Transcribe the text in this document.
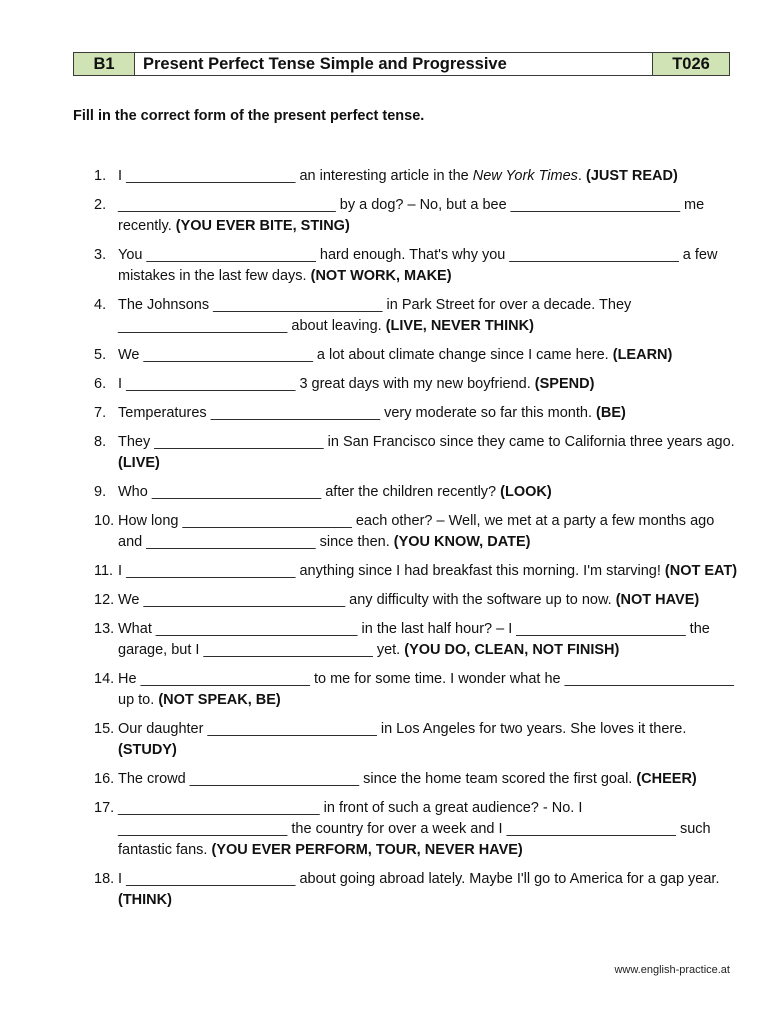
B1	Present Perfect Tense Simple and Progressive	T026
Fill in the correct form of the present perfect tense.
1. I _____________________ an interesting article in the New York Times. (JUST READ)
2. ___________________________ by a dog? – No, but a bee _____________________ me recently. (YOU EVER BITE, STING)
3. You _____________________ hard enough. That's why you _____________________ a few mistakes in the last few days. (NOT WORK, MAKE)
4. The Johnsons _____________________ in Park Street for over a decade. They _____________________ about leaving. (LIVE, NEVER THINK)
5. We _____________________ a lot about climate change since I came here. (LEARN)
6. I _____________________ 3 great days with my new boyfriend. (SPEND)
7. Temperatures _____________________ very moderate so far this month. (BE)
8. They _____________________ in San Francisco since they came to California three years ago. (LIVE)
9. Who _____________________ after the children recently? (LOOK)
10. How long _____________________ each other? – Well, we met at a party a few months ago and _____________________ since then. (YOU KNOW, DATE)
11. I _____________________ anything since I had breakfast this morning. I'm starving! (NOT EAT)
12. We _________________________ any difficulty with the software up to now. (NOT HAVE)
13. What _________________________ in the last half hour? – I _____________________ the garage, but I _____________________ yet. (YOU DO, CLEAN, NOT FINISH)
14. He _____________________ to me for some time. I wonder what he _____________________ up to. (NOT SPEAK, BE)
15. Our daughter _____________________ in Los Angeles for two years. She loves it there. (STUDY)
16. The crowd _____________________ since the home team scored the first goal. (CHEER)
17. _________________________ in front of such a great audience? - No. I _____________________ the country for over a week and I _____________________ such fantastic fans. (YOU EVER PERFORM, TOUR, NEVER HAVE)
18. I _____________________ about going abroad lately. Maybe I'll go to America for a gap year. (THINK)
www.english-practice.at
